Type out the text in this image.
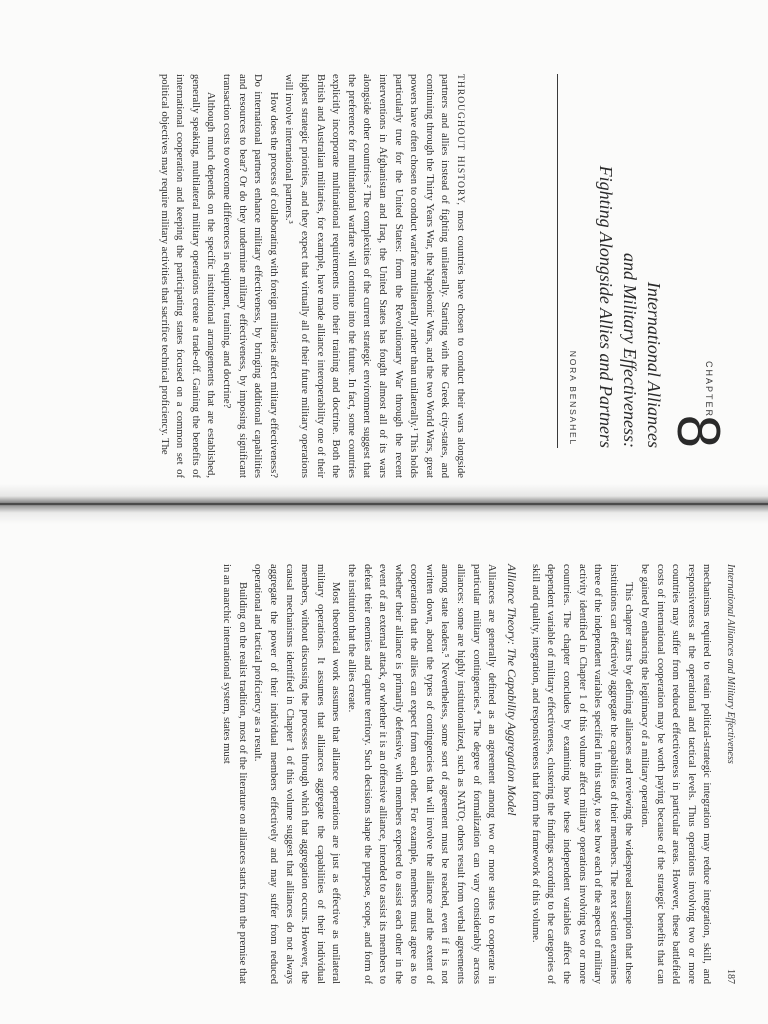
CHAPTER
8
International Alliances
and Military Effectiveness:
Fighting Alongside Allies and Partners
NORA BENSAHEL

THROUGHOUT HISTORY, most countries have chosen to conduct their wars alongside partners and allies instead of fighting unilaterally. Starting with the Greek city-states, and continuing through the Thirty Years War, the Napoleonic Wars, and the two World Wars, great powers have often chosen to conduct warfare multilaterally rather than unilaterally.¹ This holds particularly true for the United States: from the Revolutionary War through the recent interventions in Afghanistan and Iraq, the United States has fought almost all of its wars alongside other countries.² The complexities of the current strategic environment suggest that the preference for multinational warfare will continue into the future. In fact, some countries explicitly incorporate multinational requirements into their training and doctrine. Both the British and Australian militaries, for example, have made alliance interoperability one of their highest strategic priorities, and they expect that virtually all of their future military operations will involve international partners.³

How does the process of collaborating with foreign militaries affect military effectiveness? Do international partners enhance military effectiveness, by bringing additional capabilities and resources to bear? Or do they undermine military effectiveness, by imposing significant transaction costs to overcome differences in equipment, training, and doctrine?

Although much depends on the specific institutional arrangements that are established, generally speaking, multilateral military operations create a trade-off. Gaining the benefits of international cooperation and keeping the participating states focused on a common set of political objectives may require military activities that sacrifice technical proficiency. The

International Alliances and Military Effectiveness
187

mechanisms required to retain political-strategic integration may reduce integration, skill, and responsiveness at the operational and tactical levels. Thus operations involving two or more countries may suffer from reduced effectiveness in particular areas. However, these battlefield costs of international cooperation may be worth paying because of the strategic benefits that can be gained by enhancing the legitimacy of a military operation.

This chapter starts by defining alliances and reviewing the widespread assumption that these institutions can effectively aggregate the capabilities of their members. The next section examines three of the independent variables specified in this study, to see how each of the aspects of military activity identified in Chapter 1 of this volume affect military operations involving two or more countries. The chapter concludes by examining how these independent variables affect the dependent variable of military effectiveness, clustering the findings according to the categories of skill and quality, integration, and responsiveness that form the framework of this volume.

Alliance Theory: The Capability Aggregation Model

Alliances are generally defined as an agreement among two or more states to cooperate in particular military contingencies.⁴ The degree of formalization can vary considerably across alliances: some are highly institutionalized, such as NATO; others result from verbal agreements among state leaders.⁵ Nevertheless, some sort of agreement must be reached, even if it is not written down, about the types of contingencies that will involve the alliance and the extent of cooperation that the allies can expect from each other. For example, members must agree as to whether their alliance is primarily defensive, with members expected to assist each other in the event of an external attack, or whether it is an offensive alliance, intended to assist its members to defeat their enemies and capture territory. Such decisions shape the purpose, scope, and form of the institution that the allies create.

Most theoretical work assumes that alliance operations are just as effective as unilateral military operations. It assumes that alliances aggregate the capabilities of their individual members, without discussing the processes through which that aggregation occurs. However, the causal mechanisms identified in Chapter 1 of this volume suggest that alliances do not always aggregate the power of their individual members effectively and may suffer from reduced operational and tactical proficiency as a result.

Building on the realist tradition, most of the literature on alliances starts from the premise that in an anarchic international system, states must
